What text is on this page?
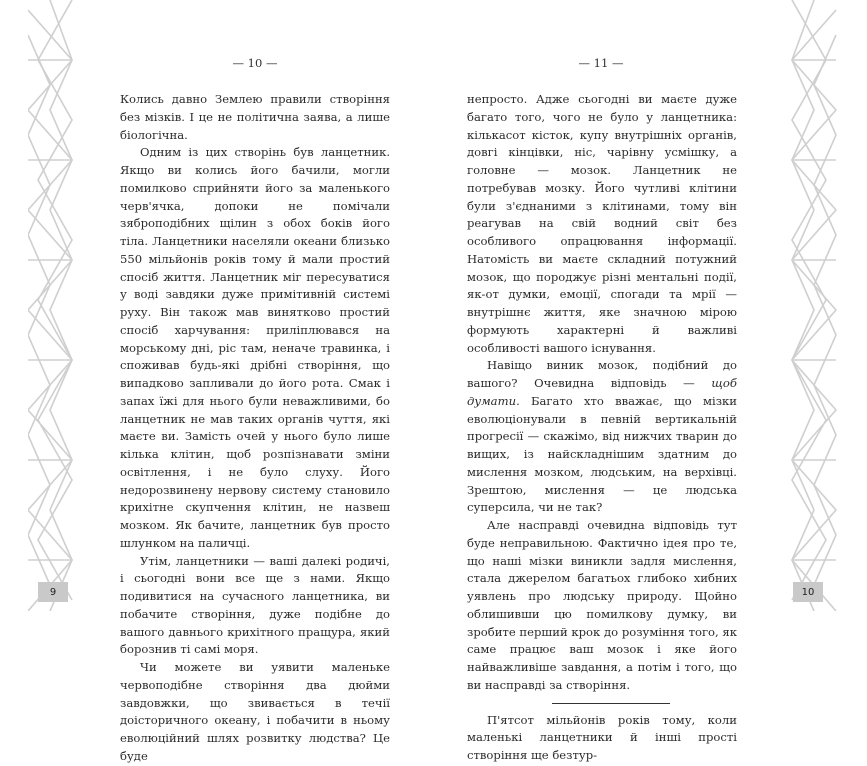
— 10 —	— 11 —

Колись давно Землею правили створіння без мізків. І це не політична заява, а лише біологічна.

Одним із цих створінь був ланцетник. Якщо ви колись його бачили, могли помилково сприйняти його за маленького черв'ячка, допоки не помічали зяброподібних щілин з обох боків його тіла. Ланцетники населяли океани близько 550 мільйонів років тому й мали простий спосіб життя. Ланцетник міг пересуватися у воді завдяки дуже примітивній системі руху. Він також мав винятково простий спосіб харчування: приліплювався на морському дні, ріс там, неначе травинка, і споживав будь-які дрібні створіння, що випадково запливали до його рота. Смак і запах їжі для нього були неважливими, бо ланцетник не мав таких органів чуття, які маєте ви. Замість очей у нього було лише кілька клітин, щоб розпізнавати зміни освітлення, і не було слуху. Його недорозвинену нервову систему становило крихітне скупчення клітин, не назвеш мозком. Як бачите, ланцетник був просто шлунком на паличці.

Утім, ланцетники — ваші далекі родичі, і сьогодні вони все ще з нами. Якщо подивитися на сучасного ланцетника, ви побачите створіння, дуже подібне до вашого давнього крихітного пращура, який борознив ті самі моря.

Чи можете ви уявити маленьке червоподібне створіння два дюйми завдовжки, що звивається в течії доісторичного океану, і побачити в ньому еволюційний шлях розвитку людства? Це буде

непросто. Адже сьогодні ви маєте дуже багато того, чого не було у ланцетника: кількасот кісток, купу внутрішніх органів, довгі кінцівки, ніс, чарівну усмішку, а головне — мозок. Ланцетник не потребував мозку. Його чутливі клітини були з'єднаними з клітинами, тому він реагував на свій водний світ без особливого опрацювання інформації. Натомість ви маєте складний потужний мозок, що породжує різні ментальні події, як-от думки, емоції, спогади та мрії — внутрішнє життя, яке значною мірою формують характерні й важливі особливості вашого існування.

Навіщо виник мозок, подібний до вашого? Очевидна відповідь — щоб думати. Багато хто вважає, що мізки еволюціонували в певній вертикальній прогресії — скажімо, від нижчих тварин до вищих, із найскладнішим здатним до мислення мозком, людським, на верхівці. Зрештою, мислення — це людська суперсила, чи не так?

Але насправді очевидна відповідь тут буде неправильною. Фактично ідея про те, що наші мізки виникли задля мислення, стала джерелом багатьох глибоко хибних уявлень про людську природу. Щойно облишивши цю помилкову думку, ви зробите перший крок до розуміння того, як саме працює ваш мозок і яке його найважливіше завдання, а потім і того, що ви насправді за створіння.

П'ятсот мільйонів років тому, коли маленькі ланцетники й інші прості створіння ще безтур-

9	10
